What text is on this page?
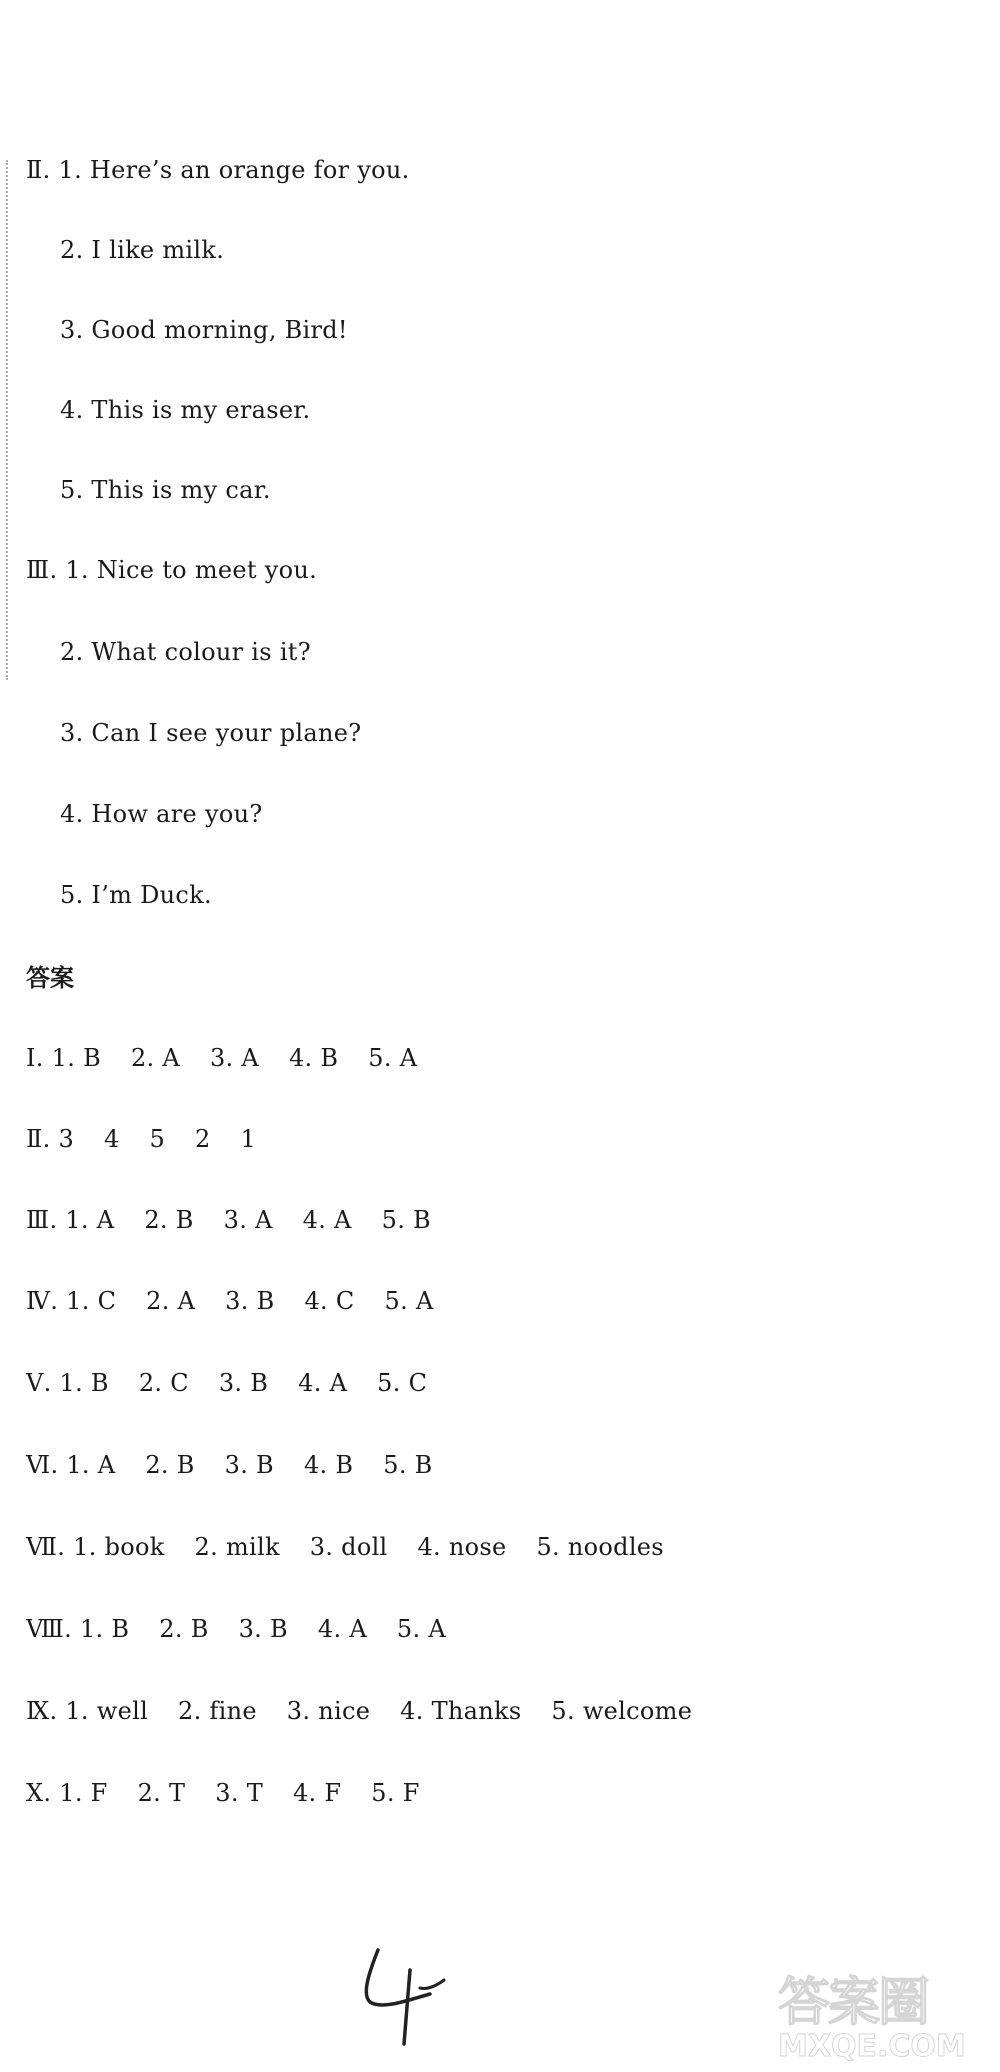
Ⅱ. 1. Here’s an orange for you.
2. I like milk.
3. Good morning, Bird!
4. This is my eraser.
5. This is my car.
Ⅲ. 1. Nice to meet you.
2. What colour is it?
3. Can I see your plane?
4. How are you?
5. I’m Duck.
答案
Ⅰ. 1. B 2. A 3. A 4. B 5. A
Ⅱ. 3 4 5 2 1
Ⅲ. 1. A 2. B 3. A 4. A 5. B
Ⅳ. 1. C 2. A 3. B 4. C 5. A
Ⅴ. 1. B 2. C 3. B 4. A 5. C
Ⅵ. 1. A 2. B 3. B 4. B 5. B
Ⅶ. 1. book 2. milk 3. doll 4. nose 5. noodles
Ⅷ. 1. B 2. B 3. B 4. A 5. A
Ⅸ. 1. well 2. fine 3. nice 4. Thanks 5. welcome
Ⅹ. 1. F 2. T 3. T 4. F 5. F
答案圈
MXQE.COM
